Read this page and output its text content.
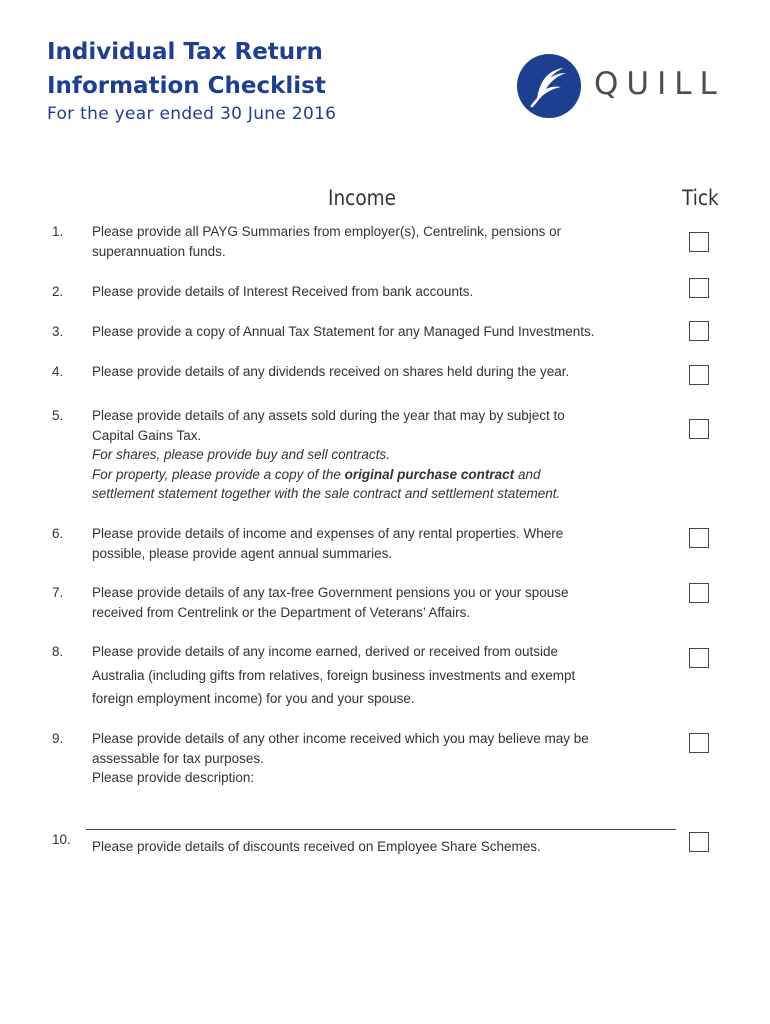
Individual Tax Return
Information Checklist
For the year ended 30 June 2016
QUILL
Income	Tick
1. Please provide all PAYG Summaries from employer(s), Centrelink, pensions or
superannuation funds.
2. Please provide details of Interest Received from bank accounts.
3. Please provide a copy of Annual Tax Statement for any Managed Fund Investments.
4. Please provide details of any dividends received on shares held during the year.
5. Please provide details of any assets sold during the year that may by subject to
Capital Gains Tax.
For shares, please provide buy and sell contracts.
For property, please provide a copy of the original purchase contract and
settlement statement together with the sale contract and settlement statement.
6. Please provide details of income and expenses of any rental properties. Where
possible, please provide agent annual summaries.
7. Please provide details of any tax-free Government pensions you or your spouse
received from Centrelink or the Department of Veterans’ Affairs.
8. Please provide details of any income earned, derived or received from outside
Australia (including gifts from relatives, foreign business investments and exempt
foreign employment income) for you and your spouse.
9. Please provide details of any other income received which you may believe may be
assessable for tax purposes.
Please provide description:
10. Please provide details of discounts received on Employee Share Schemes.
